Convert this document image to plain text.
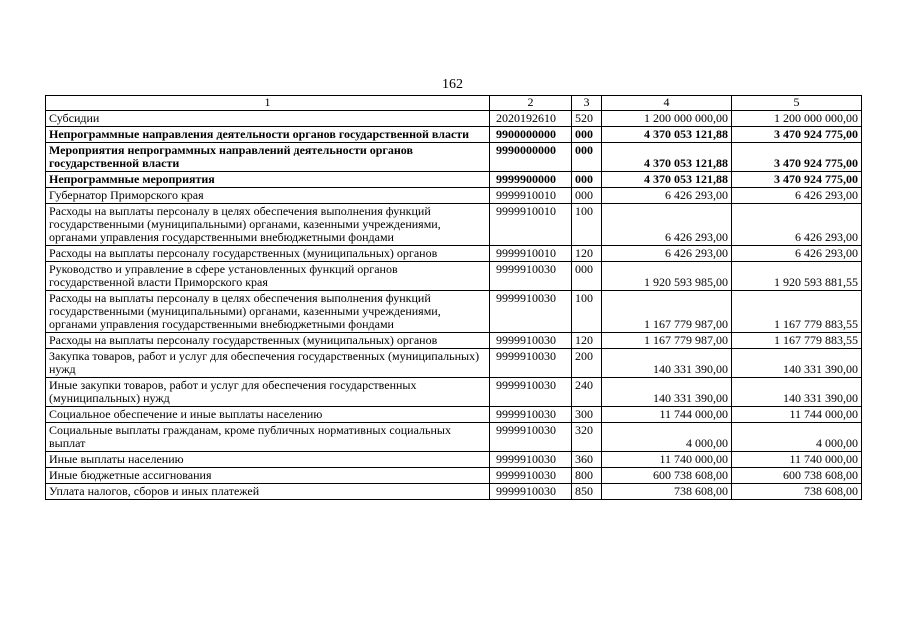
162
1	2	3	4	5
Субсидии	2020192610	520	1 200 000 000,00	1 200 000 000,00
Непрограммные направления деятельности органов государственной власти	9900000000	000	4 370 053 121,88	3 470 924 775,00
Мероприятия непрограммных направлений деятельности органов государственной власти	9990000000	000	4 370 053 121,88	3 470 924 775,00
Непрограммные мероприятия	9999900000	000	4 370 053 121,88	3 470 924 775,00
Губернатор Приморского края	9999910010	000	6 426 293,00	6 426 293,00
Расходы на выплаты персоналу в целях обеспечения выполнения функций государственными (муниципальными) органами, казенными учреждениями, органами управления государственными внебюджетными фондами	9999910010	100	6 426 293,00	6 426 293,00
Расходы на выплаты персоналу государственных (муниципальных) органов	9999910010	120	6 426 293,00	6 426 293,00
Руководство и управление в сфере установленных функций органов государственной власти Приморского края	9999910030	000	1 920 593 985,00	1 920 593 881,55
Расходы на выплаты персоналу в целях обеспечения выполнения функций государственными (муниципальными) органами, казенными учреждениями, органами управления государственными внебюджетными фондами	9999910030	100	1 167 779 987,00	1 167 779 883,55
Расходы на выплаты персоналу государственных (муниципальных) органов	9999910030	120	1 167 779 987,00	1 167 779 883,55
Закупка товаров, работ и услуг для обеспечения государственных (муниципальных) нужд	9999910030	200	140 331 390,00	140 331 390,00
Иные закупки товаров, работ и услуг для обеспечения государственных (муниципальных) нужд	9999910030	240	140 331 390,00	140 331 390,00
Социальное обеспечение и иные выплаты населению	9999910030	300	11 744 000,00	11 744 000,00
Социальные выплаты гражданам, кроме публичных нормативных социальных выплат	9999910030	320	4 000,00	4 000,00
Иные выплаты населению	9999910030	360	11 740 000,00	11 740 000,00
Иные бюджетные ассигнования	9999910030	800	600 738 608,00	600 738 608,00
Уплата налогов, сборов и иных платежей	9999910030	850	738 608,00	738 608,00
